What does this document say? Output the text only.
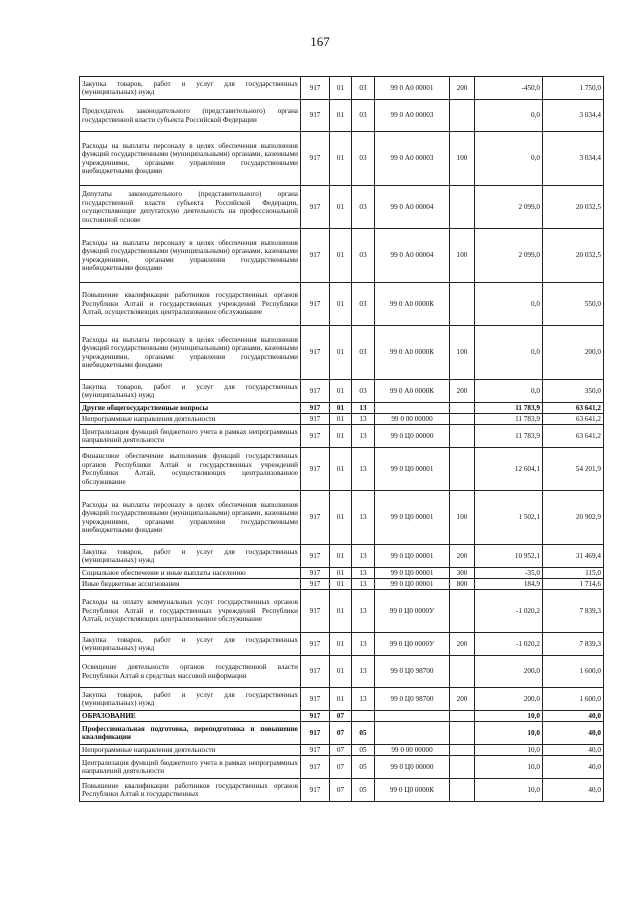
167
Закупка товаров, работ и услуг для государственных (муниципальных) нужд	917	01	03	99 0 А0 00001	200	-450,0	1 750,0
Председатель законодательного (представительного) органа государственной власти субъекта Российской Федерации	917	01	03	99 0 А0 00003		0,0	3 034,4
Расходы на выплаты персоналу в целях обеспечения выполнения функций государственными (муниципальными) органами, казенными учреждениями, органами управления государственными внебюджетными фондами	917	01	03	99 0 А0 00003	100	0,0	3 034,4
Депутаты законодательного (представительного) органа государственной власти субъекта Российской Федерации, осуществляющие депутатскую деятельность на профессиональной постоянной основе	917	01	03	99 0 А0 00004		2 099,0	20 032,5
Расходы на выплаты персоналу в целях обеспечения выполнения функций государственными (муниципальными) органами, казенными учреждениями, органами управления государственными внебюджетными фондами	917	01	03	99 0 А0 00004	100	2 099,0	20 032,5
Повышение квалификации работников государственных органов Республики Алтай и государственных учреждений Республики Алтай, осуществляющих централизованное обслуживание	917	01	03	99 0 А0 0000К		0,0	550,0
Расходы на выплаты персоналу в целях обеспечения выполнения функций государственными (муниципальными) органами, казенными учреждениями, органами управления государственными внебюджетными фондами	917	01	03	99 0 А0 0000К	100	0,0	200,0
Закупка товаров, работ и услуг для государственных (муниципальных) нужд	917	01	03	99 0 А0 0000К	200	0,0	350,0
Другие общегосударственные вопросы	917	01	13			11 783,9	63 641,2
Непрограммные направления деятельности	917	01	13	99 0 00 00000		11 783,9	63 641,2
Централизация функций бюджетного учета в рамках непрограммных направлений деятельности	917	01	13	99 0 Ц0 00000		11 783,9	63 641,2
Финансовое обеспечение выполнения функций государственных органов Республики Алтай и государственных учреждений Республики Алтай, осуществляющих централизованное обслуживание	917	01	13	99 0 Ц0 00001		12 604,1	54 201,9
Расходы на выплаты персоналу в целях обеспечения выполнения функций государственными (муниципальными) органами, казенными учреждениями, органами управления государственными внебюджетными фондами	917	01	13	99 0 Ц0 00001	100	1 502,1	20 902,9
Закупка товаров, работ и услуг для государственных (муниципальных) нужд	917	01	13	99 0 Ц0 00001	200	10 952,1	31 469,4
Социальное обеспечение и иные выплаты населению	917	01	13	99 0 Ц0 00001	300	-35,0	115,0
Иные бюджетные ассигнования	917	01	13	99 0 Ц0 00001	800	184,9	1 714,6
Расходы на оплату коммунальных услуг государственных органов Республики Алтай и государственных учреждений Республики Алтай, осуществляющих централизованное обслуживание	917	01	13	99 0 Ц0 0000У		-1 020,2	7 839,3
Закупка товаров, работ и услуг для государственных (муниципальных) нужд	917	01	13	99 0 Ц0 0000У	200	-1 020,2	7 839,3
Освещение деятельности органов государственной власти Республики Алтай в средствах массовой информации	917	01	13	99 0 Ц0 98700		200,0	1 600,0
Закупка товаров, работ и услуг для государственных (муниципальных) нужд	917	01	13	99 0 Ц0 98700	200	200,0	1 600,0
ОБРАЗОВАНИЕ	917	07				10,0	40,0
Профессиональная подготовка, переподготовка и повышение квалификации	917	07	05			10,0	40,0
Непрограммные направления деятельности	917	07	05	99 0 00 00000		10,0	40,0
Централизация функций бюджетного учета в рамках непрограммных направлений деятельности	917	07	05	99 0 Ц0 00000		10,0	40,0
Повышение квалификации работников государственных органов Республики Алтай и государственных	917	07	05	99 0 Ц0 0000К		10,0	40,0
